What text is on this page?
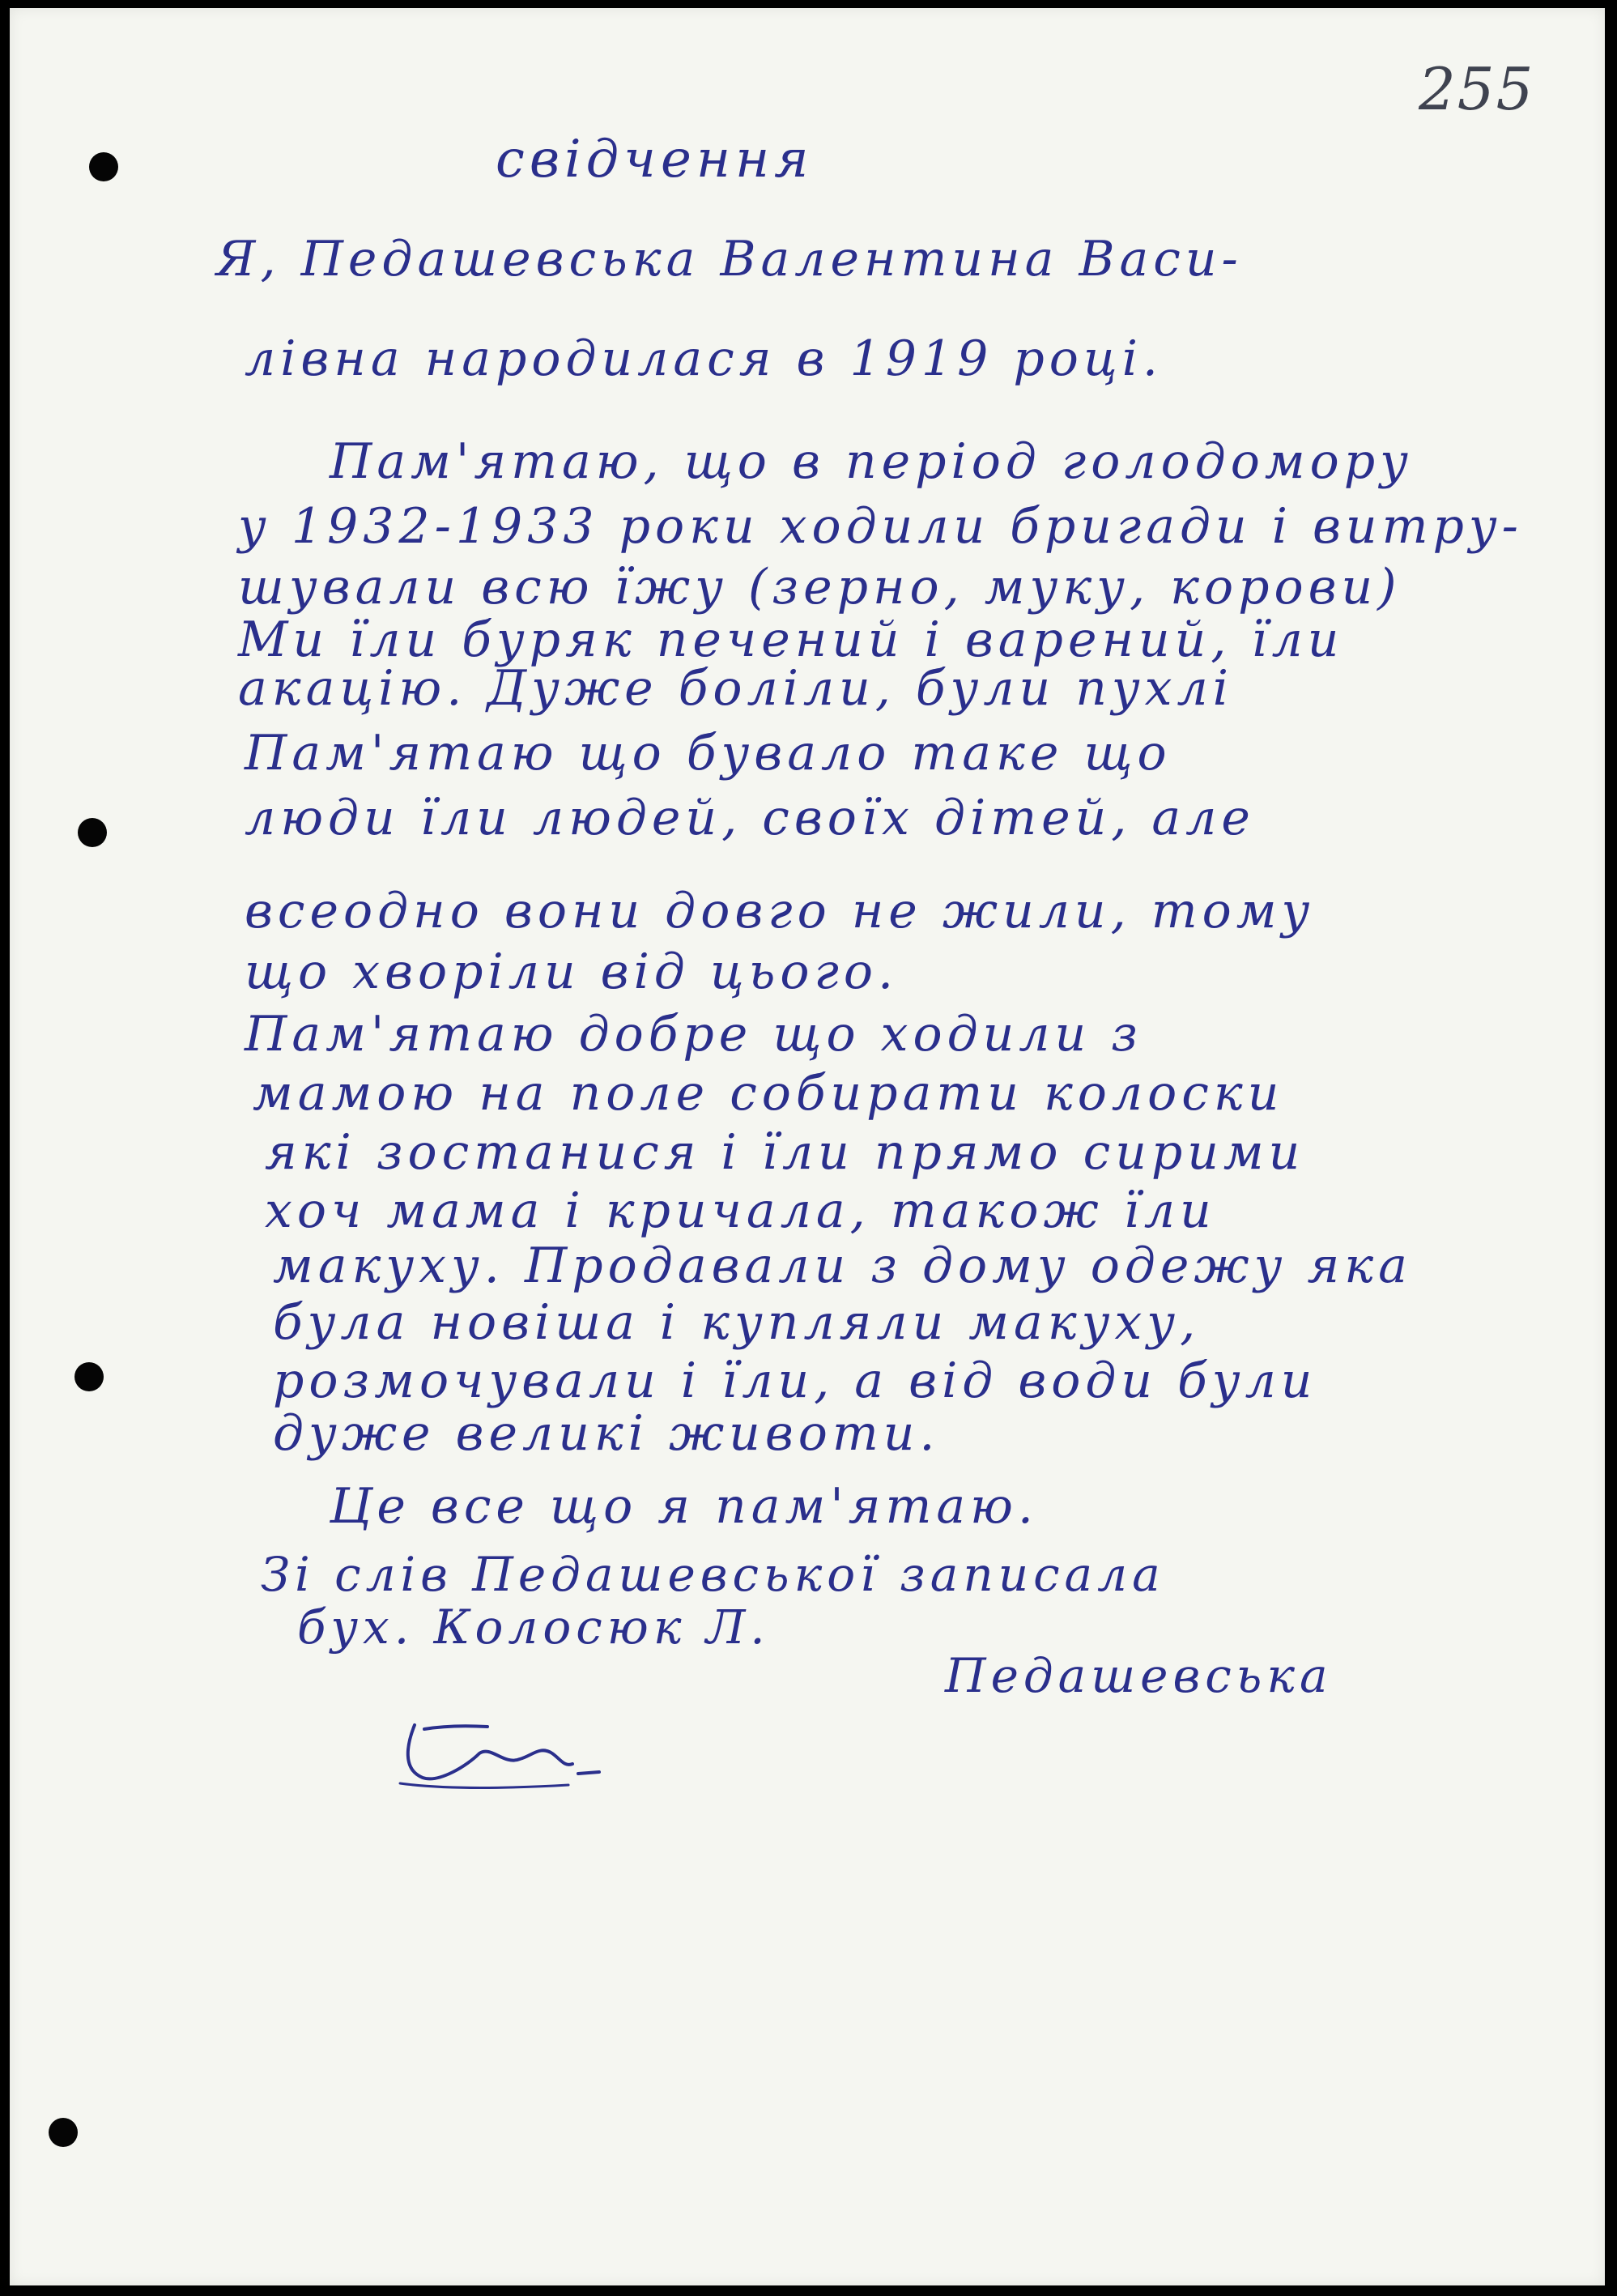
255
свідчення
Я, Педашевська Валентина Васи-
лівна народилася в 1919 році.
Пам'ятаю, що в період голодомору
у 1932-1933 роки ходили бригади і витру-
шували всю їжу (зерно, муку, корови)
Ми їли буряк печений і варений, їли
акацію. Дуже боліли, були пухлі
Пам'ятаю що бувало таке що
люди їли людей, своїх дітей, але
всеодно вони довго не жили, тому
що хворіли від цього.
Пам'ятаю добре що ходили з
мамою на поле собирати колоски
які зостанися і їли прямо сирими
хоч мама і кричала, також їли
макуху. Продавали з дому одежу яка
була новіша і купляли макуху,
розмочували і їли, а від води були
дуже великі животи.
Це все що я пам'ятаю.
Зі слів Педашевської записала
бух. Колосюк Л.
Педашевська
